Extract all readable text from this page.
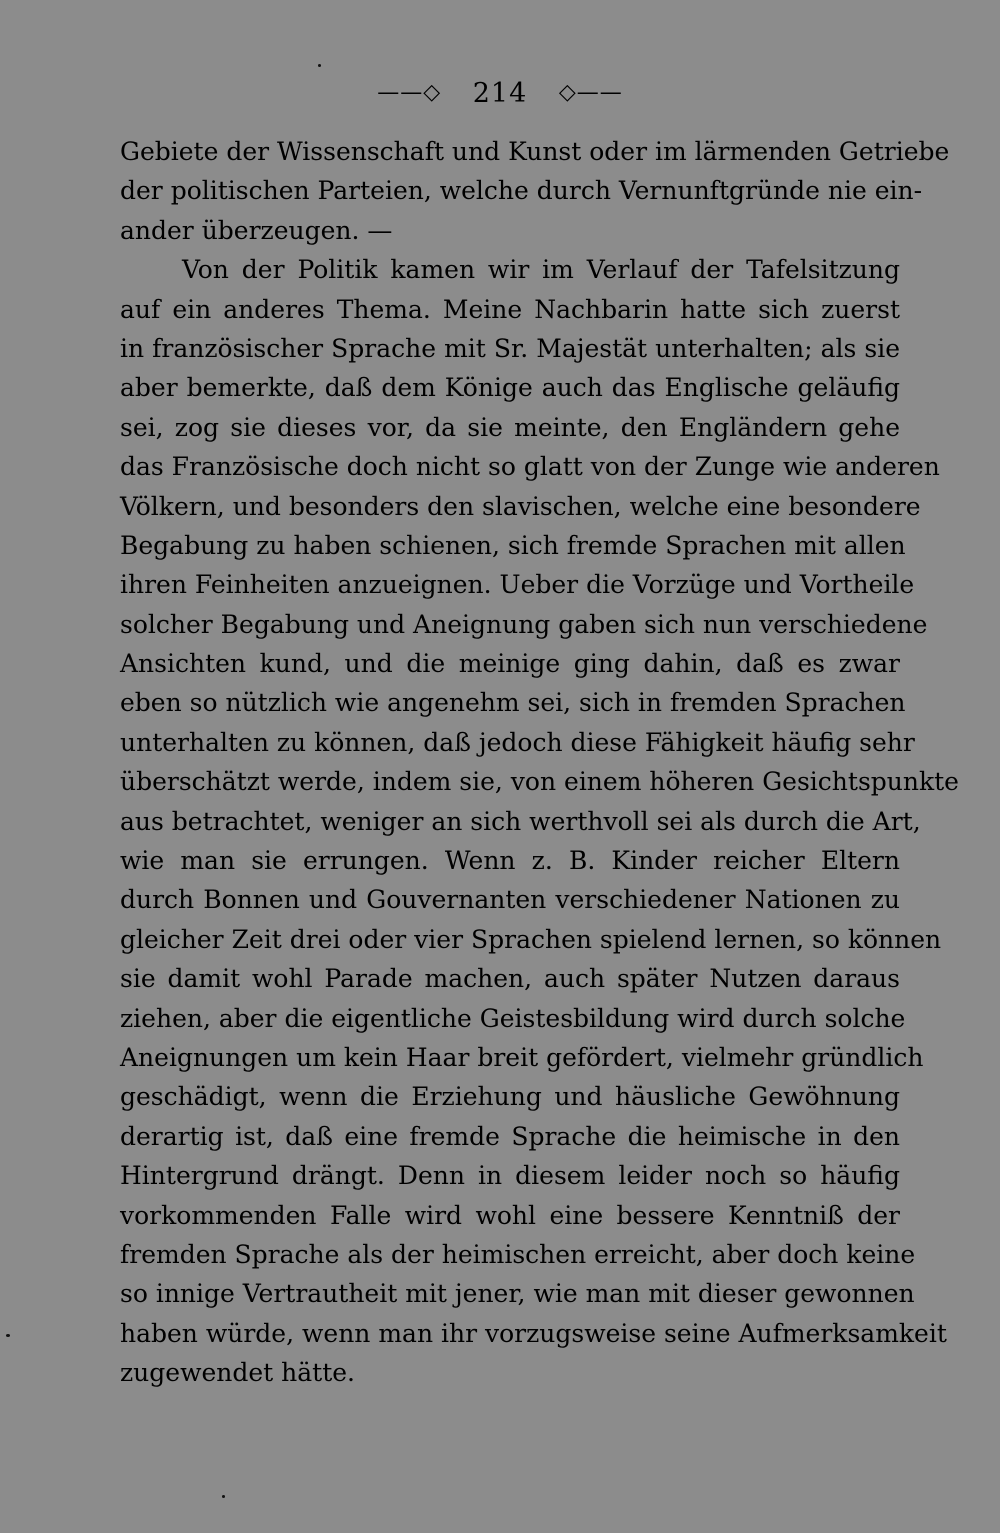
——◇ 214 ◇——
Gebiete der Wissenschaft und Kunst oder im lärmenden Getriebe
der politischen Parteien, welche durch Vernunftgründe nie ein-
ander überzeugen. —
Von der Politik kamen wir im Verlauf der Tafelsitzung
auf ein anderes Thema. Meine Nachbarin hatte sich zuerst
in französischer Sprache mit Sr. Majestät unterhalten; als sie
aber bemerkte, daß dem Könige auch das Englische geläufig
sei, zog sie dieses vor, da sie meinte, den Engländern gehe
das Französische doch nicht so glatt von der Zunge wie anderen
Völkern, und besonders den slavischen, welche eine besondere
Begabung zu haben schienen, sich fremde Sprachen mit allen
ihren Feinheiten anzueignen. Ueber die Vorzüge und Vortheile
solcher Begabung und Aneignung gaben sich nun verschiedene
Ansichten kund, und die meinige ging dahin, daß es zwar
eben so nützlich wie angenehm sei, sich in fremden Sprachen
unterhalten zu können, daß jedoch diese Fähigkeit häufig sehr
überschätzt werde, indem sie, von einem höheren Gesichtspunkte
aus betrachtet, weniger an sich werthvoll sei als durch die Art,
wie man sie errungen. Wenn z. B. Kinder reicher Eltern
durch Bonnen und Gouvernanten verschiedener Nationen zu
gleicher Zeit drei oder vier Sprachen spielend lernen, so können
sie damit wohl Parade machen, auch später Nutzen daraus
ziehen, aber die eigentliche Geistesbildung wird durch solche
Aneignungen um kein Haar breit gefördert, vielmehr gründlich
geschädigt, wenn die Erziehung und häusliche Gewöhnung
derartig ist, daß eine fremde Sprache die heimische in den
Hintergrund drängt. Denn in diesem leider noch so häufig
vorkommenden Falle wird wohl eine bessere Kenntniß der
fremden Sprache als der heimischen erreicht, aber doch keine
so innige Vertrautheit mit jener, wie man mit dieser gewonnen
haben würde, wenn man ihr vorzugsweise seine Aufmerksamkeit
zugewendet hätte.
